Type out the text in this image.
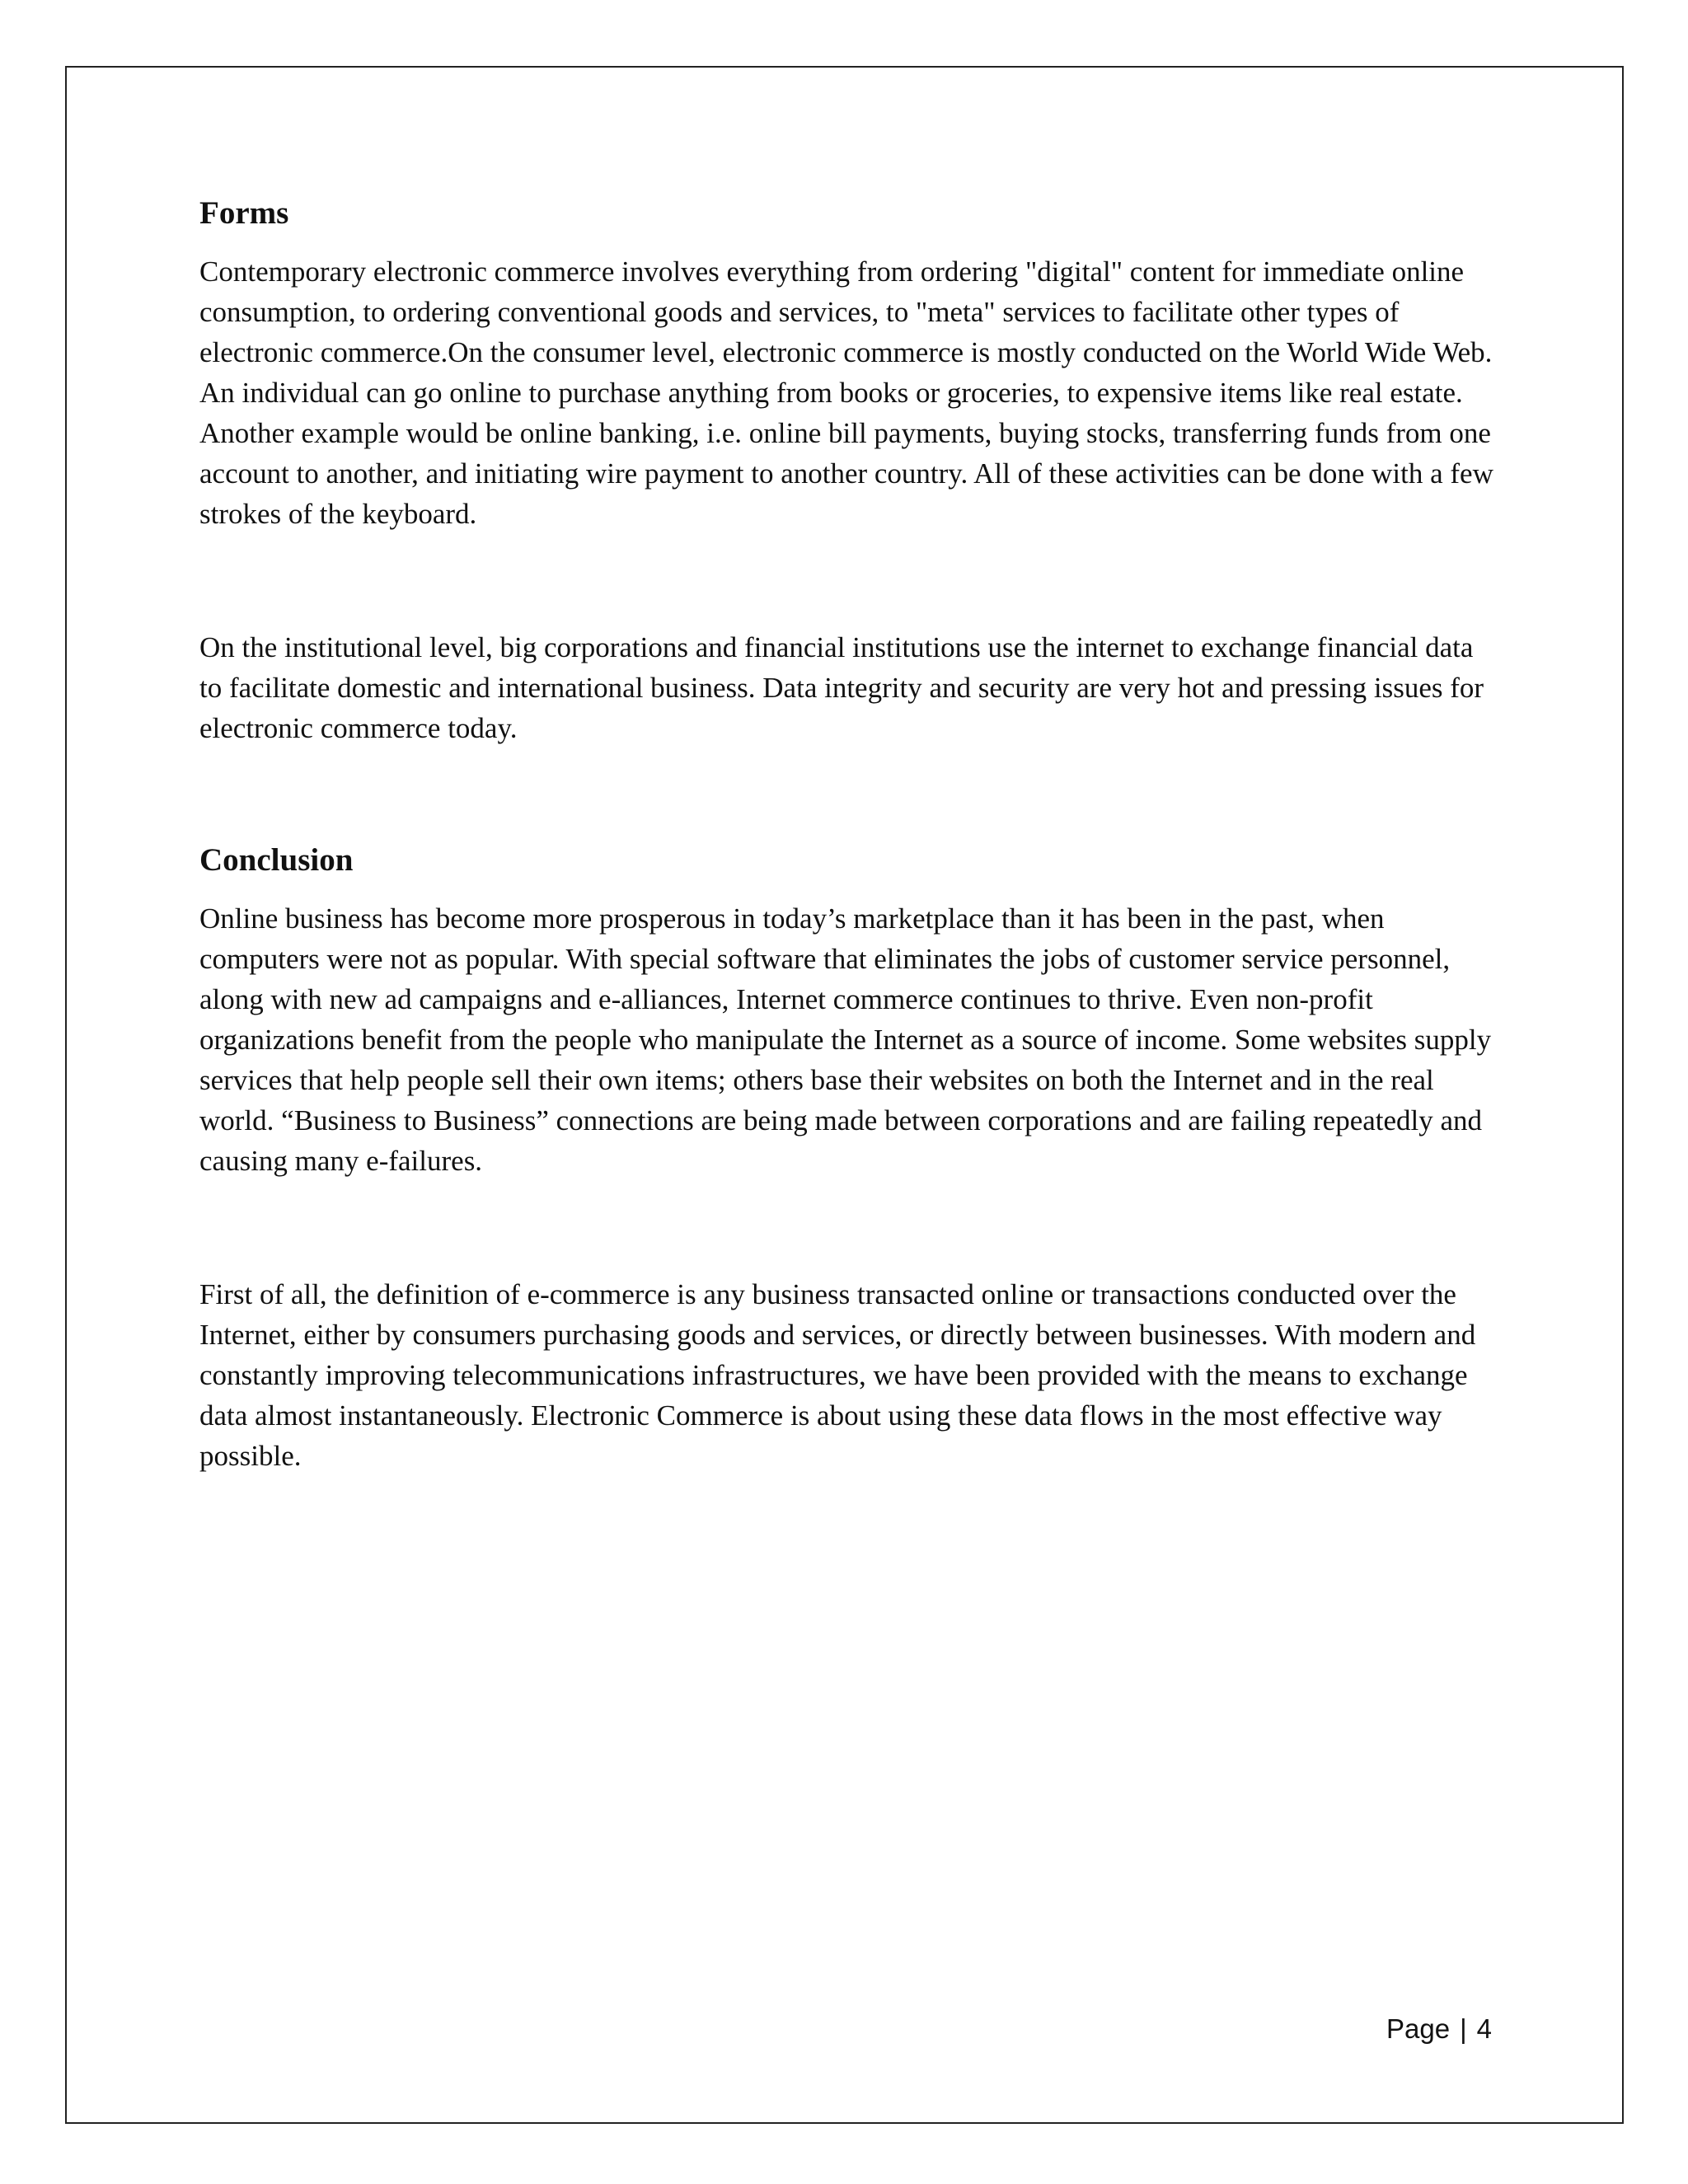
Forms

Contemporary electronic commerce involves everything from ordering "digital" content for immediate online consumption, to ordering conventional goods and services, to "meta" services to facilitate other types of electronic commerce.On the consumer level, electronic commerce is mostly conducted on the World Wide Web. An individual can go online to purchase anything from books or groceries, to expensive items like real estate. Another example would be online banking, i.e. online bill payments, buying stocks, transferring funds from one account to another, and initiating wire payment to another country. All of these activities can be done with a few strokes of the keyboard.

On the institutional level, big corporations and financial institutions use the internet to exchange financial data to facilitate domestic and international business. Data integrity and security are very hot and pressing issues for electronic commerce today.

Conclusion

Online business has become more prosperous in today’s marketplace than it has been in the past, when computers were not as popular. With special software that eliminates the jobs of customer service personnel, along with new ad campaigns and e-alliances, Internet commerce continues to thrive. Even non-profit organizations benefit from the people who manipulate the Internet as a source of income. Some websites supply services that help people sell their own items; others base their websites on both the Internet and in the real world. “Business to Business” connections are being made between corporations and are failing repeatedly and causing many e-failures.

First of all, the definition of e-commerce is any business transacted online or transactions conducted over the Internet, either by consumers purchasing goods and services, or directly between businesses. With modern and constantly improving telecommunications infrastructures, we have been provided with the means to exchange data almost instantaneously. Electronic Commerce is about using these data flows in the most effective way possible.

Page | 4
